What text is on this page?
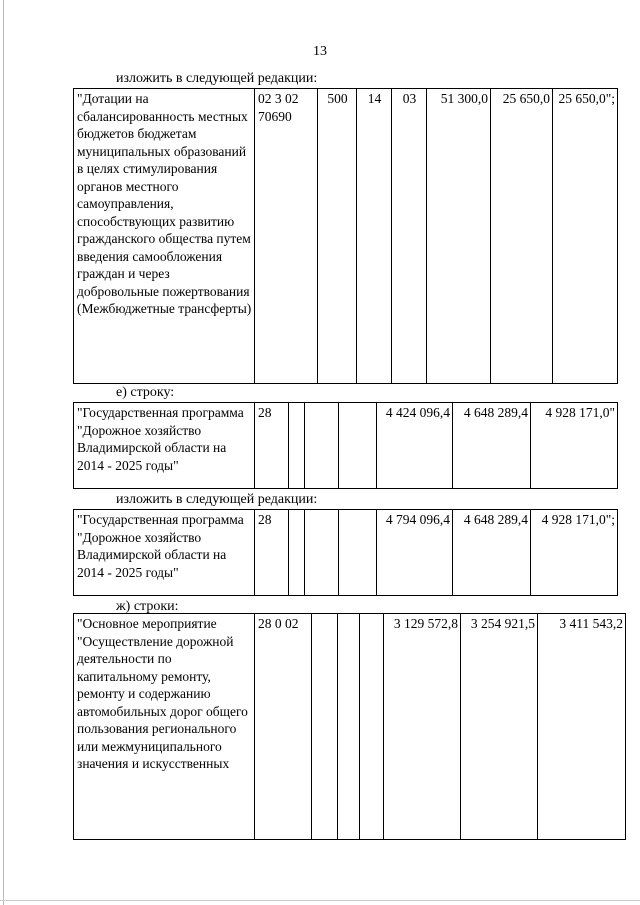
13
изложить в следующей редакции:
"Дотации на сбалансированность местных бюджетов бюджетам муниципальных образований в целях стимулирования органов местного самоуправления, способствующих развитию гражданского общества путем введения самообложения граждан и через добровольные пожертвования (Межбюджетные трансферты)	02 3 02 70690	500	14	03	51 300,0	25 650,0	25 650,0";
е) строку:
"Государственная программа "Дорожное хозяйство Владимирской области на 2014 - 2025 годы"	28				4 424 096,4	4 648 289,4	4 928 171,0"
изложить в следующей редакции:
"Государственная программа "Дорожное хозяйство Владимирской области на 2014 - 2025 годы"	28				4 794 096,4	4 648 289,4	4 928 171,0";
ж) строки:
"Основное мероприятие "Осуществление дорожной деятельности по капитальному ремонту, ремонту и содержанию автомобильных дорог общего пользования регионального или межмуниципального значения и искусственных	28 0 02				3 129 572,8	3 254 921,5	3 411 543,2
